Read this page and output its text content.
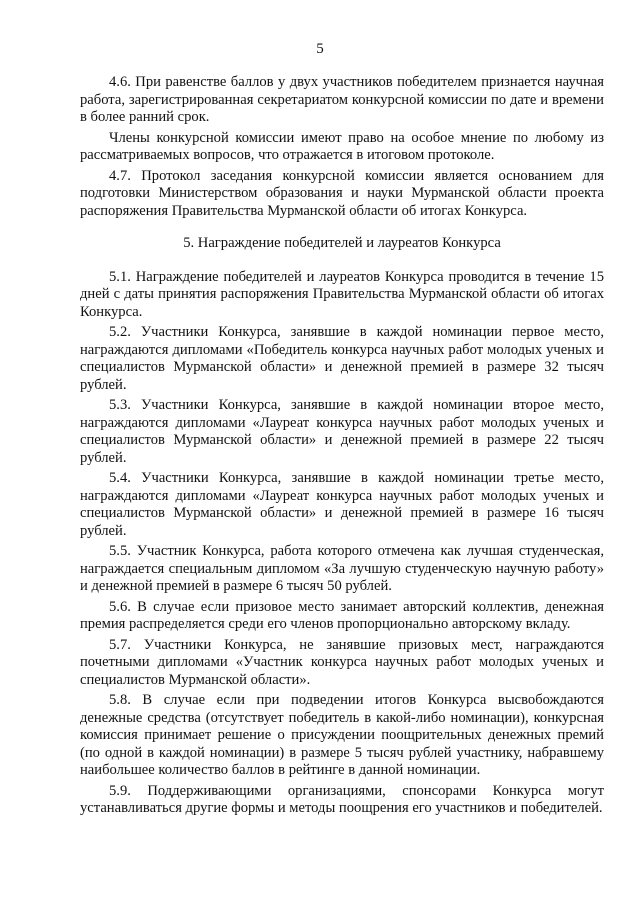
5

4.6. При равенстве баллов у двух участников победителем признается научная работа, зарегистрированная секретариатом конкурсной комиссии по дате и времени в более ранний срок.

Члены конкурсной комиссии имеют право на особое мнение по любому из рассматриваемых вопросов, что отражается в итоговом протоколе.

4.7. Протокол заседания конкурсной комиссии является основанием для подготовки Министерством образования и науки Мурманской области проекта распоряжения Правительства Мурманской области об итогах Конкурса.

5. Награждение победителей и лауреатов Конкурса

5.1. Награждение победителей и лауреатов Конкурса проводится в течение 15 дней с даты принятия распоряжения Правительства Мурманской области об итогах Конкурса.

5.2. Участники Конкурса, занявшие в каждой номинации первое место, награждаются дипломами «Победитель конкурса научных работ молодых ученых и специалистов Мурманской области» и денежной премией в размере 32 тысяч рублей.

5.3. Участники Конкурса, занявшие в каждой номинации второе место, награждаются дипломами «Лауреат конкурса научных работ молодых ученых и специалистов Мурманской области» и денежной премией в размере 22 тысяч рублей.

5.4. Участники Конкурса, занявшие в каждой номинации третье место, награждаются дипломами «Лауреат конкурса научных работ молодых ученых и специалистов Мурманской области» и денежной премией в размере 16 тысяч рублей.

5.5. Участник Конкурса, работа которого отмечена как лучшая студенческая, награждается специальным дипломом «За лучшую студенческую научную работу» и денежной премией в размере 6 тысяч 50 рублей.

5.6. В случае если призовое место занимает авторский коллектив, денежная премия распределяется среди его членов пропорционально авторскому вкладу.

5.7. Участники Конкурса, не занявшие призовых мест, награждаются почетными дипломами «Участник конкурса научных работ молодых ученых и специалистов Мурманской области».

5.8. В случае если при подведении итогов Конкурса высвобождаются денежные средства (отсутствует победитель в какой-либо номинации), конкурсная комиссия принимает решение о присуждении поощрительных денежных премий (по одной в каждой номинации) в размере 5 тысяч рублей участнику, набравшему наибольшее количество баллов в рейтинге в данной номинации.

5.9. Поддерживающими организациями, спонсорами Конкурса могут устанавливаться другие формы и методы поощрения его участников и победителей.
